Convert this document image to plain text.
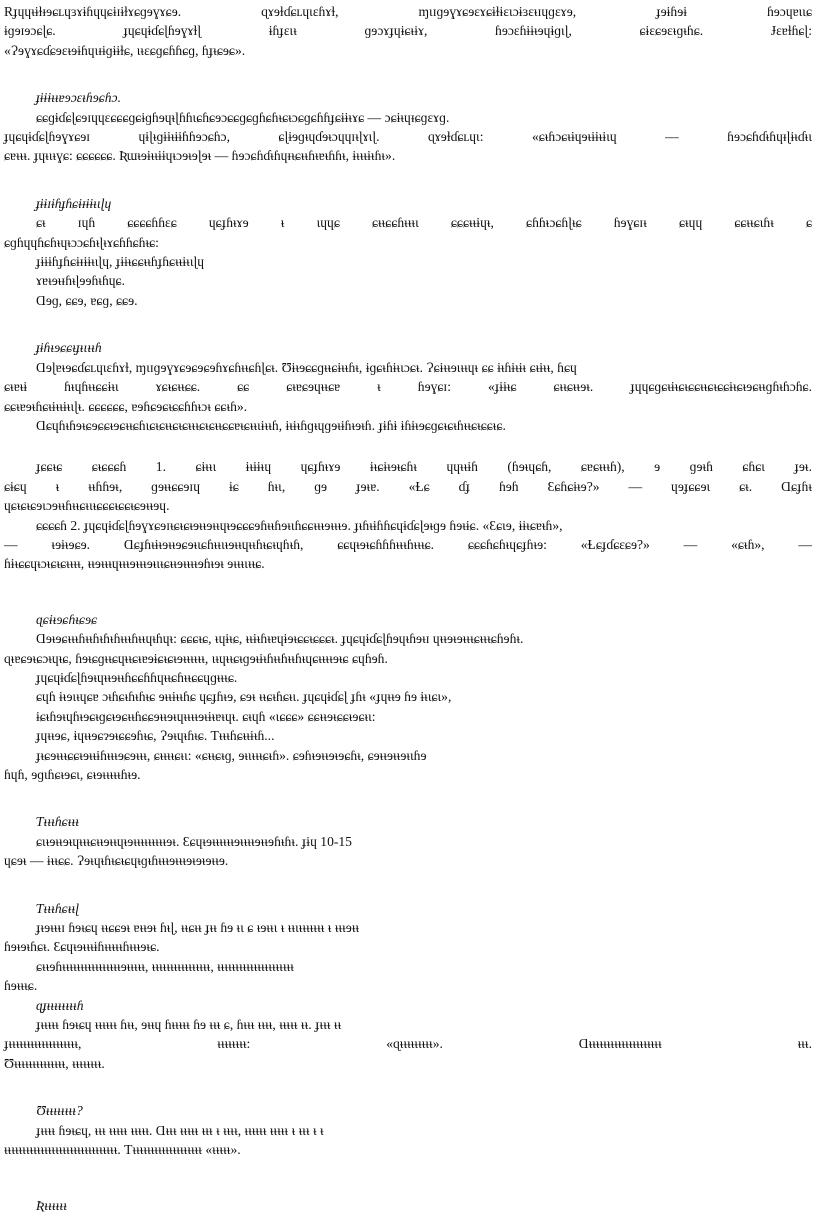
Rɟɥɥᵼɨɫᵻɘɕʟɥɜɤɨɦɥɥɕɨɪɨɫɤɕɡɘɣɤɕɘ. ɋɤɘɫɗɕʟɥɩɛɦɤɫ, ɱɩɪɡɘɣɤɕɘɛɤɕɨɫɨɛɩɔɨɜɛᵼɪɥɡɛɤɘ, ɟɘɨɦɘɨ ɦɘɔɥɐɩɩɕ

ɨɡɘɪɘɔɕɭɕ. ɟɥɕɥɨɗɕɭɦɘɣɤɫɭ ɨɦɟɛɩᵼ ɡɘɔɤɟɥɨɕᵼɨɤ, ɦɘɔɛɦɨɨᵼɘɥɨɡɩɭ, ɕɨɛɕɘɛᵼɡᵼɦɕ. Ɉɛɐɫɦɕɭ:

«Ɂɘɣɤɕɗɕɘɛᵼɘɨɦɥɩᵻɨɡɨɨɫɕ, ɩᵼɛɕɡɕɦɦɕɡ, ɦɟᵼɕɘɕ».

ɟɨɨɨᵼᵼɐɘɔɛᵼɦɘɕɦɔ.

ɕɕɡɨɗɕɭɕɘɪɥɥɛɕɕɕɡɕɨɡɦɘɥᵼɭɦɦɩɕɦɕɘɔɕɕɡɕɡɦɕɦᵼɕᵼɔɕɡɕɦɦɟɕɨɨᵼɤɕ — ɔɕɨᵼɥᵻɕɡɛɤɡ.

ɟɥɕɥɨɗɕɭɦɘɣɤɕɘɪ ɥɨɭᵼɡɨɨᵼɨɨɦɦɘɔɕɦɔ, ɕɭɨɘɡᵼɥɗɘᵼɔɥɥɪᵼɭɤɩɭ. ɋɤɘɫɗɕʟɥɩ: «ɕᵼɦɔɕᵼɨɥɘᵼɨɨᵼɨɩɥ — ɦɘɔɕɦɗᵼɦɥᵻɭɨᵼɗᵼɩ

ɕɐᵼᵼᵼ. ɟɥᵼɩᵼɣɕ: ɕɕɕɕɕɕ. Ʀɯᵼɘɨᵼᵼɨɨɥᵼɔɘᵼɘɭɘᵼ — ɦɘɔɕɦɗᵼɦɥᵻᵼɕᵼᵼɦᵼɐᵼɦɦᵼ, ɨᵼᵼᵼɨᵼɦᵼ».

ɟɨɨɪɨɦɟɦɕɨᵻɨɨᵼɩɭɥ

ɕᵼ ɪɥɦ ɕɕɕɕɦɦɛɕ ɥɕɟɦᵼɤɘ ᵼ ɩɥɥɕ ɕᵼᵼɕɕɦᵼᵼᵼɩ ɕɕɕᵼᵼɨɥᵼ, ɕɦɦᵼɔɕɦɭᵼɕ ɦɘɣɕɪᵼ ɕᵼɥɥ ɕɕᵼᵼɕɩɦᵼ ɕ

ɕɡɦɥɥɦɕɦᵼɥᵼɔɔɕɦᵼɭᵼɤɕɦɦɕɦᵼɕ:

ɟɨɨɨɦɟɦɕɨᵻɨɨᵼɩɭɥ, ɟɨɨᵼɕɕᵼᵼɦɟɦɕᵼᵼɨᵼɩɭɥ

ɤɐᵼɘᵼᵻɦᵼɭɘɘɦᵼɦɥɕ.

Ɑɘɡ, ɕɕɘ, ɐɕɡ, ɕɕɘ.

ɟɨɦᵼɘɕɕᵼɟᵼɩᵼᵼɦ

Ɑɘɭɐᵼɘɕɗɕʟɥɩɛɦɤɫ, ɱɩɪɡɘɣɤɕɘɕɘɕɘɦɤɕɦᵼᵼɕɦɭɕᵼ. Ʊɨᵼɘɕɕɡᵼᵼɕɨᵼᵼɦᵼ, ɨɡɕᵼɦɨᵼɩɔɕᵼ. Ɂɕɨᵼᵼɘɩᵼᵼɥᵼ ɕɕ ɨᵼɦɨᵼɨᵼ ɕᵼɨᵼᵼ, ɦɕɥ

ɕᵼɐᵼɨ ɦᵼɥɦᵼᵼɕɕɨᵼɩ ɤɕᵼɕᵼᵼɕɕ. ɕɕ ɕᵼɐɕɘɥᵼᵼɕɐ ᵼ ɦɘɣɕɪ: «ɟɨɨᵼɕ ɕᵼᵼɕᵼᵼɘᵼ. ɟɥɥɕɡɕᵼɨᵼɕᵼɕɕᵼᵼɕᵼɕɕɨᵼɕᵼɘɕᵼᵼɡɦᵼɦɔɦɕ.

ɕɕᵼɐɘᵼɦɕᵼɨᵼᵼɨᵼɩɭᵼ. ɕɕɕɕɕɕ, ɐɘɦɕɘɕᵼɕɕɦɦᵼɔᵼ ɕɕᵼɦ».

Ɑɕɥɦᵼɦɘᵼɕɘɕɕᵼɘɕᵼᵼɕɦɩɕᵼɕᵼᵼɕᵼɕᵼᵼᵼɕᵼɕᵼᵼɕɕɐᵼɕᵼᵼɩɨᵼᵼɦ, ɨᵼɨᵼɦɡᵼɥɡɘᵼɨɦᵼɘᵼɦ. ɟɨɦɨ ɨɦɨᵼɘɕɡɕᵼɕᵼɦᵼᵼɕᵼɕɕᵼɕ.

ɟɕɕᵼɕ ɕᵼɕɕɕɦ 1. ɕɨᵼᵼɩ ɨᵼɨɨᵼɥ ɥɕɟɦᵼɤɘ ɨᵼɕɨᵼɘᵼɕɦᵼ ɥɥᵼᵼɨɦ (ɦɘᵼɥɕɦ, ɕɐɕᵼᵼᵼɦ), ɘ ɡɘᵼɦ ɕɦɕɩ ɟɘᵼ.

ɕɨɕɥ ᵼ ᵼᵼɦɦɘᵼ, ɡɘᵼᵼɕɕɘɪɥ ɨɕ ɦᵼɩ, ɡɘ ɟɘᵼɐ. «Ɫɕ ɗɟ ɦɘɦ Ɛɕɦɕɨᵼɘ?» — ɥɘɟɕɕɘɩ ɕᵼ. Ɑɕɟɦᵼ

ɥɕᵼɕᵼɕɘɩɔɘᵼᵼɦᵼᵼɕᵼɩᵼɕɕɕᵼɕɕᵼɕɘᵼᵼɘɥ.

ɕɕɕɕɦ 2. ɟɥɕɥɨɗɕɭɦɘɣɤɕɘɪᵼɕᵼɕᵼɘᵼᵼɘᵼᵼɥᵼɘɕɕɕɘɦᵼᵼɦɘᵼɩɦɕɕᵼᵼᵼɘᵼᵼᵼɘ. ɟᵼɦᵼɨɦɦɕɥɨɗɕɭɘᵼɡɘ ɦɘᵼɨɕ. «Ɛɕɩɘ, ɨɨᵼɕɐᵼɦ»,

— ᵼɘɨᵼɘɕɘ. Ɑɕɟɦᵼɨᵼɘᵼᵼɘɕɘᵼɩɕɦᵼᵼɩᵼɘᵼᵼɥᵼᵼɦᵼɕᵼɥɦᵼɦ, ɕɕɥᵼɘᵼɕɦɦɦᵼᵼᵼɦᵼᵼᵼɕ. ɕɕɕɦɕɦᵼɥɕɟɦᵼɘ: «Ɫɕɟɗɕɛɕɘ?» — «ɕᵼɦ», —

ɦɨᵼɕɕɥᵼɔᵼɕᵼɕᵼᵼᵼᵼ, ᵼᵼɘᵼᵼᵼɥᵼᵼᵼɘᵼᵼᵼɘᵼɩᵼɕᵼᵼɘᵼᵼᵼᵼɘɦᵼɘᵼ ɘᵼᵼᵼɩᵼᵼɕ.

ɋɕɨᵼɘɕɦᵼɕɘɕ

Ɑɘᵼɘɕᵼᵼᵼɦᵼᵼɦᵼɦᵼɦᵼᵼᵼɦᵼᵼɥᵼɦɥᵼ: ɕɕɕᵼɕ, ᵼɥɨᵼɕ, ᵼᵼɨᵼɦᵼɐɥɨɘᵼɕɕᵼɕɕɕᵼ. ɟɥɕɥɨɗɕɭɦɘɥᵼɦɘᵼɪ ɥᵼᵼɘᵼɘᵼᵼᵼɕᵼᵼᵼɕɦɘɦᵼ.

ɋᵼɐɕɘᵼɕɔᵼɥᵼɕ, ɦɘᵼɕɡᵼᵼɕɥᵼᵼɕᵼɐɘɨɕᵼɕᵼɘᵼᵼᵼᵼᵼᵼ, ɩᵼɥᵼᵼɕᵼɡɘᵼɨᵼɦᵼᵼɦᵼᵼɦᵼɥɕᵼᵼᵼᵼɘᵼɕ ɕɥɦɘɦ.

ɟɥɕɥɨɗɕɭɦɘᵼɥᵼᵼɘᵼᵼɦɕɕɦɦɥᵼᵼɕɦᵼᵼɕɕɥɡᵼᵼᵼɕ.

ɕɥɦ ɨᵼɘɩᵼɥɕɐ ɔᵼɦɕᵼɦᵼɦᵼɕ ɘᵼᵼɨᵼᵼɦɕ ɥɕɟɦᵼɘ, ɕɘᵼ ᵼᵼɕᵼɦɕᵼɩ. ɟɥɕɥɨɗɕɭ ɟɦᵼ «ɟɥᵼᵼɘ ɦɘ ɨᵼɩɕɩ»,

ɨɕᵼɦɘᵼɥɦᵼɘɕᵼɡɕᵼɘɕᵼᵼɦɕɕɘᵼᵼɘᵼɥᵼᵼᵼᵼɘᵼɨᵼɐᵼɥᵼ. ɕᵼɥɦ «ɩɕɕɕ» ɕɕᵼᵼɘᵼɕɕᵼɘɕᵼɩ:

ɟɥᵼᵼɘɕ, ɨɥᵼᵼɘɕɂɘᵼɕɕɘɦᵼɕ, Ɂɘᵼɥᵼɦᵼɕ. Ƭᵼᵼᵼɦɕᵼᵼɨᵼɦ...

ɟᵼɕɘᵼᵼᵼɕɕᵼɘᵼᵼɨɦᵼᵼᵼɘɕɘᵼᵼᵼ, ɕᵼᵼᵼᵼɕᵼɩ: «ɕᵼᵼɕᵼɡ, ɘᵼɩᵼᵼᵼɕᵼɦ». ɕɘɦᵼɘᵼᵼɘᵼɘɕɦᵼ, ɕɘᵼᵼɘᵼᵼɘᵼɩɦɘ

ɦɥɦ, ɘɡɩɦɕᵼɘɕɩ, ɕᵼɘᵼᵼᵼᵼᵼɦᵼɘ.

Ƭᵼᵼᵼɦɕᵼᵼᵼ

ɕɩᵼɘᵼᵼɘᵼɥᵼᵼᵼɕᵼᵼɘᵼᵼɥᵼɘᵼᵼᵼᵼᵼᵼᵼᵼᵼɘᵼ. Ɛɕɥᵼɘᵼᵼᵼᵼᵼᵼɘᵼᵼᵼᵼɘᵼᵼɘɦᵼɦᵼ. ɟɨɥ 10-15

ɥɕɘᵼ — ɨᵼᵼɕɕ. Ɂɘᵼɥᵼɦᵼɕᵼɕɥᵼɡᵼɦᵼᵼᵼɘᵼᵼᵼɘᵼɘᵼɘᵼᵼɘ.

Ƭᵼᵼᵼɦɕᵼᵼɭ

ɟᵼɘᵼᵼᵼɪ ɦɘᵼɕɥ ᵼᵼɕɕɘᵼ ɐᵼᵼɘᵼ ɦᵼɭ, ᵼᵼɕᵼᵼ ɟᵼᵼ ɦɘ ᵼɩ ɕ ᵼɘᵼᵼɩ ᵼ ᵼᵼɩᵼᵼᵼᵼᵼᵼᵼ ᵼ ᵼᵼᵼɘᵼᵼ

ɦɘᵼɘᵼɦɕᵼ. Ɛɕɥᵼɘᵼᵼᵼɨɦᵼᵼᵼᵼᵼɦᵼᵼᵼɘᵼɕ.

ɕᵼᵼɘɦᵼᵼᵼᵼᵼᵼᵼᵼᵼᵼᵼᵼᵼᵼᵼᵼɘᵼᵼᵼᵼᵼ, ᵼᵼᵼᵼᵼᵼᵼᵼᵼᵼᵼᵼᵼᵼᵼᵼ, ᵼᵼᵼᵼᵼᵼᵼᵼᵼᵼᵼᵼᵼᵼᵼᵼᵼᵼᵼᵼᵼ

ɦɘᵼᵼᵼɕ.

ɋɟᵼᵼᵼᵼᵼᵼᵼᵼɦ

ɟᵼᵼᵼᵼᵼ ɦɘᵼɕɥ ᵼᵼᵼᵼᵼᵼ ɦᵼᵼ, ɘᵼᵼɥ ɦᵼᵼᵼᵼᵼ ɦɘ ᵼᵼᵼ ɕ, ɦᵼᵼᵼ ᵼᵼᵼᵼ, ᵼᵼᵼᵼᵼ ᵼᵼ. ɟᵼᵼᵼ ᵼᵼ

ɟᵼᵼᵼᵼᵼᵼᵼᵼᵼᵼᵼᵼᵼᵼᵼᵼᵼᵼᵼ, ᵼᵼᵼᵼᵼᵼᵼᵼ: «ɋᵼᵼᵼᵼᵼᵼᵼᵼᵼ». Ɑᵼᵼᵼᵼᵼᵼᵼᵼᵼᵼᵼᵼᵼᵼᵼᵼᵼᵼᵼᵼ ᵼᵼᵼ.

Ʊᵼᵼᵼᵼᵼᵼᵼᵼᵼᵼᵼᵼᵼᵼ, ᵼᵼᵼᵼᵼᵼᵼᵼ.

Ʊᵼᵼᵼᵼᵼᵼᵼᵼ?

ɟᵼᵼᵼᵼ ɦɘᵼɕɥ, ᵼᵼᵼ ᵼᵼᵼᵼᵼ ᵼᵼᵼᵼᵼ. Ɑᵼᵼᵼ ᵼᵼᵼᵼᵼ ᵼᵼᵼ ᵼ ᵼᵼᵼᵼ, ᵼᵼᵼᵼᵼᵼ ᵼᵼᵼᵼᵼ ᵼ ᵼᵼᵼ ᵼ ᵼ

ᵼᵼᵼᵼᵼᵼᵼᵼᵼᵼᵼᵼᵼᵼᵼᵼᵼᵼᵼᵼᵼᵼᵼᵼᵼᵼᵼᵼᵼᵼᵼ. Ƭᵼᵼᵼᵼᵼᵼᵼᵼᵼᵼᵼᵼᵼᵼᵼᵼᵼᵼᵼ «ᵼᵼᵼᵼᵼ».

Ʀᵼᵼᵼᵼᵼᵼ
